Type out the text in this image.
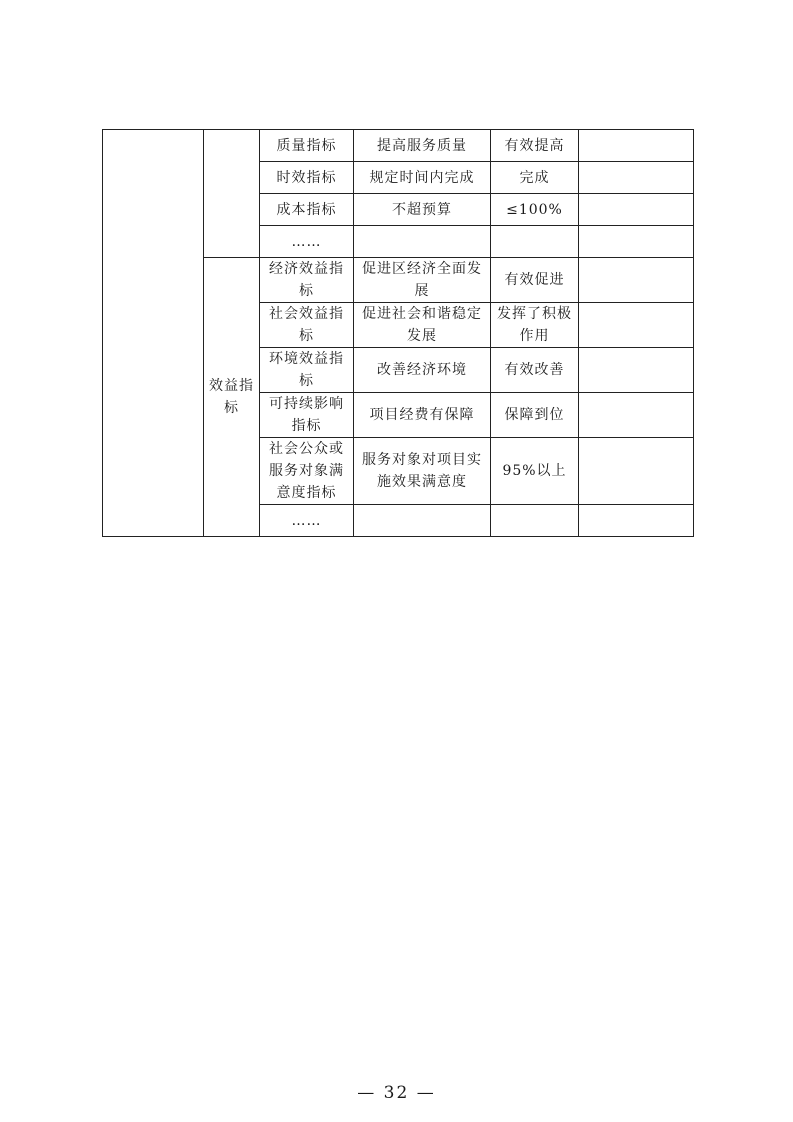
		质量指标	提高服务质量	有效提高	
		时效指标	规定时间内完成	完成	
		成本指标	不超预算	≤100%	
		……			
	效益指标	经济效益指标	促进区经济全面发展	有效促进	
		社会效益指标	促进社会和谐稳定发展	发挥了积极作用	
		环境效益指标	改善经济环境	有效改善	
		可持续影响指标	项目经费有保障	保障到位	
		社会公众或服务对象满意度指标	服务对象对项目实施效果满意度	95%以上	
		……			
— 32 —
